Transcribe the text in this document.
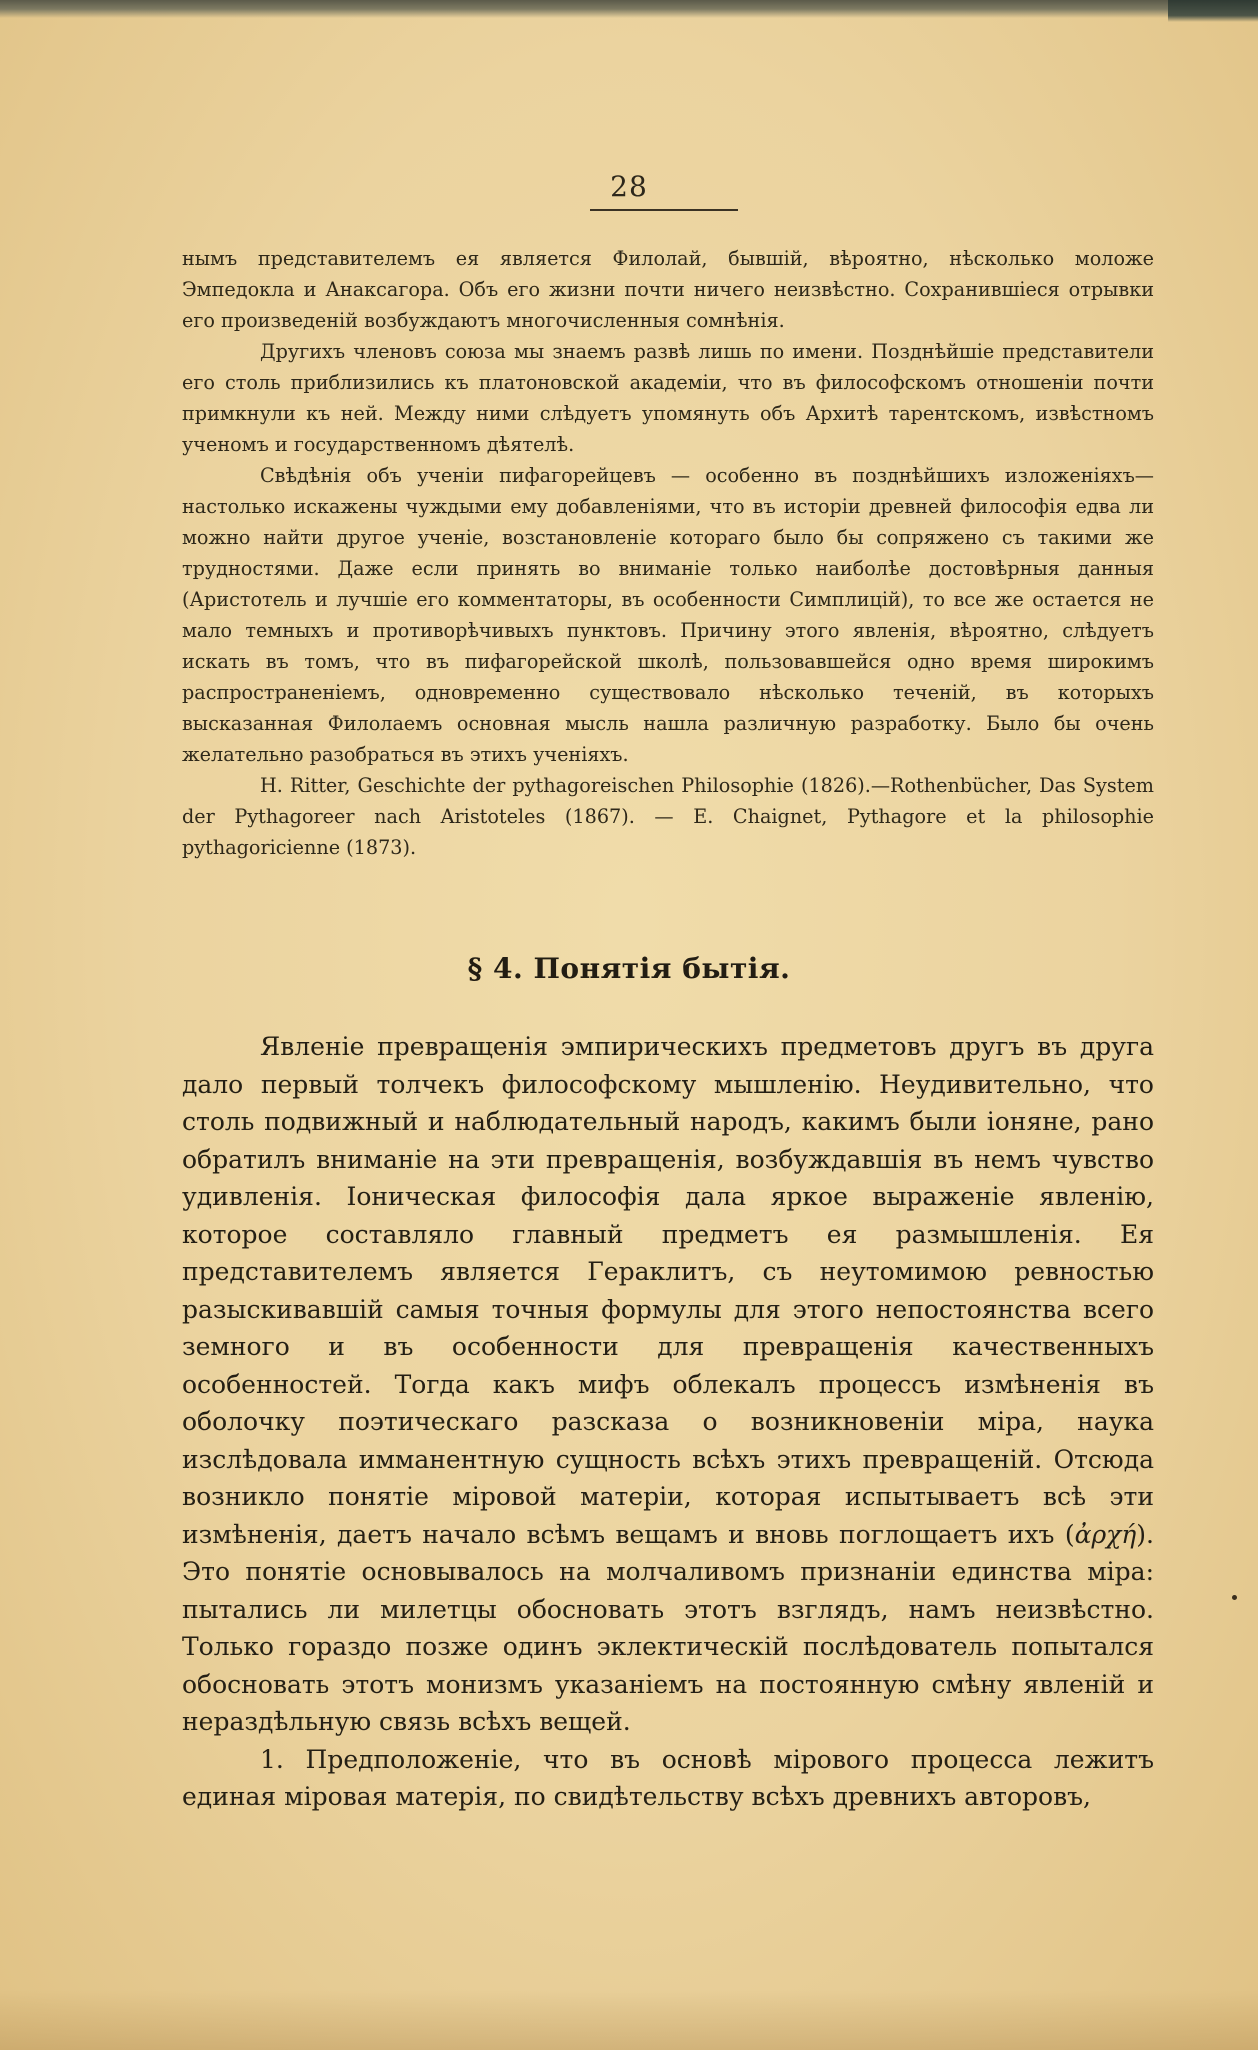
28

нымъ представителемъ ея является Филолай, бывшій, вѣроятно, нѣсколько моложе Эмпедокла и Анаксагора. Объ его жизни почти ничего неизвѣстно. Сохранившіеся отрывки его произведеній возбуждаютъ многочисленныя сомнѣнія.

Другихъ членовъ союза мы знаемъ развѣ лишь по имени. Позднѣйшіе представители его столь приблизились къ платоновской академіи, что въ философскомъ отношеніи почти примкнули къ ней. Между ними слѣдуетъ упомянуть объ Архитѣ тарентскомъ, извѣстномъ ученомъ и государственномъ дѣятелѣ.

Свѣдѣнія объ ученіи пифагорейцевъ — особенно въ позднѣйшихъ изложеніяхъ—настолько искажены чуждыми ему добавленіями, что въ исторіи древней философія едва ли можно найти другое ученіе, возстановленіе котораго было бы сопряжено съ такими же трудностями. Даже если принять во вниманіе только наиболѣе достовѣрныя данныя (Аристотель и лучшіе его комментаторы, въ особенности Симплицій), то все же остается не мало темныхъ и противорѣчивыхъ пунктовъ. Причину этого явленія, вѣроятно, слѣдуетъ искать въ томъ, что въ пифагорейской школѣ, пользовавшейся одно время широкимъ распространеніемъ, одновременно существовало нѣсколько теченій, въ которыхъ высказанная Филолаемъ основная мысль нашла различную разработку. Было бы очень желательно разобраться въ этихъ ученіяхъ.

H. Ritter, Geschichte der pythagoreischen Philosophie (1826).—Rothenbücher, Das System der Pythagoreer nach Aristoteles (1867). — E. Chaignet, Pythagore et la philosophie pythagoricienne (1873).

§ 4. Понятія бытія.

Явленіе превращенія эмпирическихъ предметовъ другъ въ друга дало первый толчекъ философскому мышленію. Неудивительно, что столь подвижный и наблюдательный народъ, какимъ были іоняне, рано обратилъ вниманіе на эти превращенія, возбуждавшія въ немъ чувство удивленія. Іоническая философія дала яркое выраженіе явленію, которое составляло главный предметъ ея размышленія. Ея представителемъ является Гераклитъ, съ неутомимою ревностью разыскивавшій самыя точныя формулы для этого непостоянства всего земного и въ особенности для превращенія качественныхъ особенностей. Тогда какъ мифъ облекалъ процессъ измѣненія въ оболочку поэтическаго разсказа о возникновеніи міра, наука изслѣдовала имманентную сущность всѣхъ этихъ превращеній. Отсюда возникло понятіе міровой матеріи, которая испытываетъ всѣ эти измѣненія, даетъ начало всѣмъ вещамъ и вновь поглощаетъ ихъ (ἀρχή). Это понятіе основывалось на молчаливомъ признаніи единства міра: пытались ли милетцы обосновать этотъ взглядъ, намъ неизвѣстно. Только гораздо позже одинъ эклектическій послѣдователь попытался обосновать этотъ монизмъ указаніемъ на постоянную смѣну явленій и нераздѣльную связь всѣхъ вещей.

1. Предположеніе, что въ основѣ мірового процесса лежитъ единая міровая матерія, по свидѣтельству всѣхъ древнихъ авторовъ,
